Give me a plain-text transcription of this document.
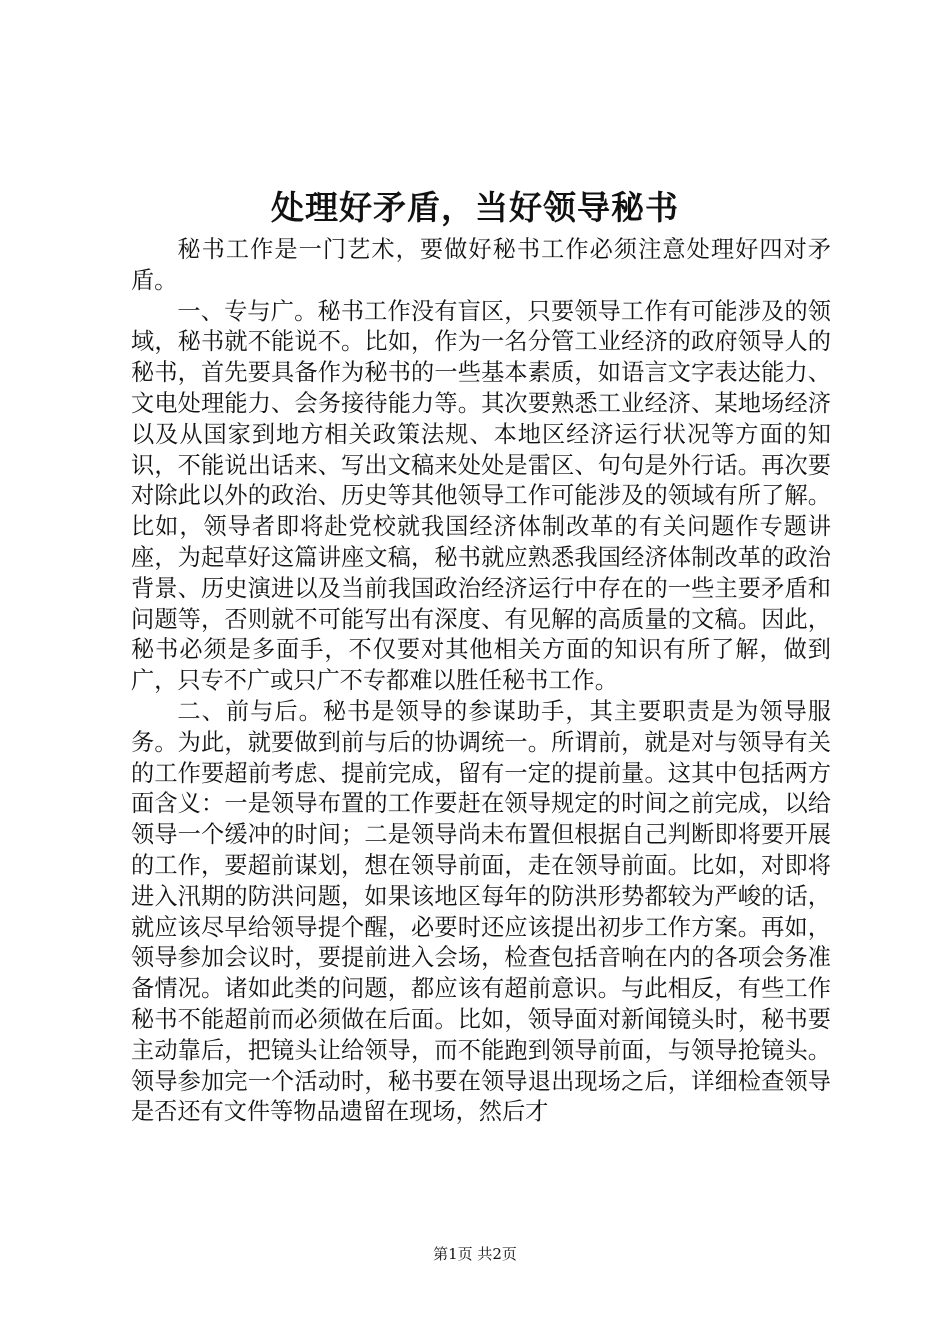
处理好矛盾，当好领导秘书

秘书工作是一门艺术，要做好秘书工作必须注意处理好四对矛盾。

一、专与广。秘书工作没有盲区，只要领导工作有可能涉及的领域，秘书就不能说不。比如，作为一名分管工业经济的政府领导人的秘书，首先要具备作为秘书的一些基本素质，如语言文字表达能力、文电处理能力、会务接待能力等。其次要熟悉工业经济、某地场经济以及从国家到地方相关政策法规、本地区经济运行状况等方面的知识，不能说出话来、写出文稿来处处是雷区、句句是外行话。再次要对除此以外的政治、历史等其他领导工作可能涉及的领域有所了解。比如，领导者即将赴党校就我国经济体制改革的有关问题作专题讲座，为起草好这篇讲座文稿，秘书就应熟悉我国经济体制改革的政治背景、历史演进以及当前我国政治经济运行中存在的一些主要矛盾和问题等，否则就不可能写出有深度、有见解的高质量的文稿。因此，秘书必须是多面手，不仅要对其他相关方面的知识有所了解，做到广，只专不广或只广不专都难以胜任秘书工作。

二、前与后。秘书是领导的参谋助手，其主要职责是为领导服务。为此，就要做到前与后的协调统一。所谓前，就是对与领导有关的工作要超前考虑、提前完成，留有一定的提前量。这其中包括两方面含义：一是领导布置的工作要赶在领导规定的时间之前完成，以给领导一个缓冲的时间；二是领导尚未布置但根据自己判断即将要开展的工作，要超前谋划，想在领导前面，走在领导前面。比如，对即将进入汛期的防洪问题，如果该地区每年的防洪形势都较为严峻的话，就应该尽早给领导提个醒，必要时还应该提出初步工作方案。再如，领导参加会议时，要提前进入会场，检查包括音响在内的各项会务准备情况。诸如此类的问题，都应该有超前意识。与此相反，有些工作秘书不能超前而必须做在后面。比如，领导面对新闻镜头时，秘书要主动靠后，把镜头让给领导，而不能跑到领导前面，与领导抢镜头。领导参加完一个活动时，秘书要在领导退出现场之后，详细检查领导是否还有文件等物品遗留在现场，然后才

第1页 共2页
